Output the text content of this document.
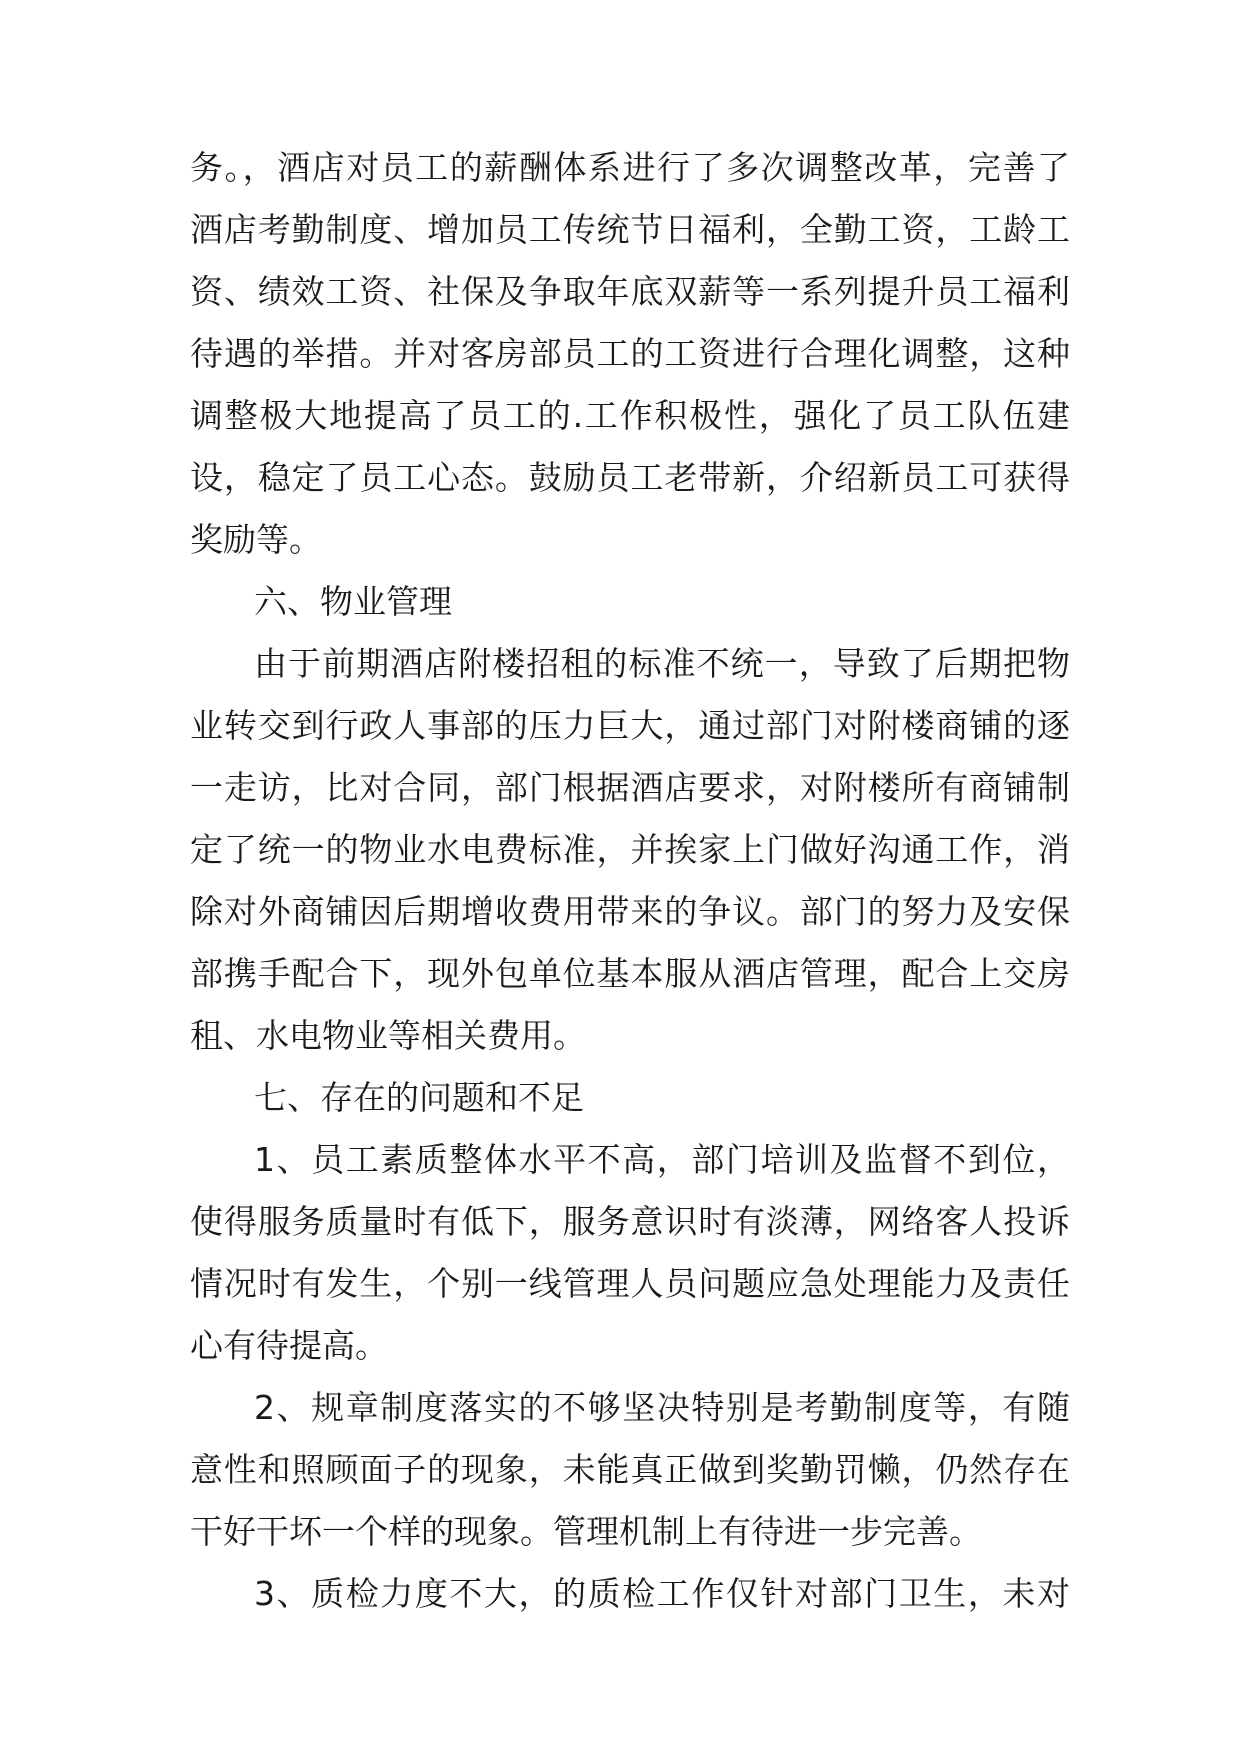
务。，酒店对员工的薪酬体系进行了多次调整改革，完善了
酒店考勤制度、增加员工传统节日福利，全勤工资，工龄工
资、绩效工资、社保及争取年底双薪等一系列提升员工福利
待遇的举措。并对客房部员工的工资进行合理化调整，这种
调整极大地提高了员工的.工作积极性，强化了员工队伍建
设，稳定了员工心态。鼓励员工老带新，介绍新员工可获得
奖励等。
六、物业管理
由于前期酒店附楼招租的标准不统一，导致了后期把物
业转交到行政人事部的压力巨大，通过部门对附楼商铺的逐
一走访，比对合同，部门根据酒店要求，对附楼所有商铺制
定了统一的物业水电费标准，并挨家上门做好沟通工作，消
除对外商铺因后期增收费用带来的争议。部门的努力及安保
部携手配合下，现外包单位基本服从酒店管理，配合上交房
租、水电物业等相关费用。
七、存在的问题和不足
1、员工素质整体水平不高，部门培训及监督不到位，
使得服务质量时有低下，服务意识时有淡薄，网络客人投诉
情况时有发生，个别一线管理人员问题应急处理能力及责任
心有待提高。
2、规章制度落实的不够坚决特别是考勤制度等，有随
意性和照顾面子的现象，未能真正做到奖勤罚懒，仍然存在
干好干坏一个样的现象。管理机制上有待进一步完善。
3、质检力度不大，的质检工作仅针对部门卫生，未对
